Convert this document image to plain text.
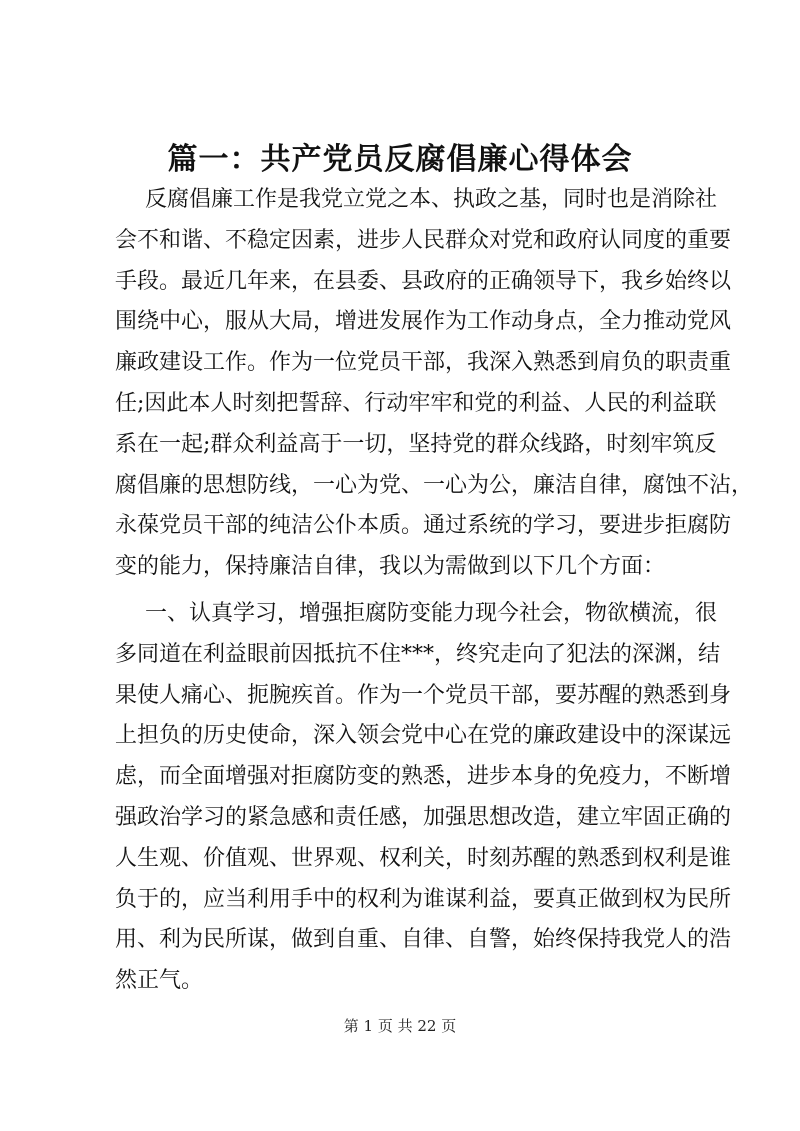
篇一：共产党员反腐倡廉心得体会
反腐倡廉工作是我党立党之本、执政之基，同时也是消除社
会不和谐、不稳定因素，进步人民群众对党和政府认同度的重要
手段。最近几年来，在县委、县政府的正确领导下，我乡始终以
围绕中心，服从大局，增进发展作为工作动身点，全力推动党风
廉政建设工作。作为一位党员干部，我深入熟悉到肩负的职责重
任;因此本人时刻把誓辞、行动牢牢和党的利益、人民的利益联
系在一起;群众利益高于一切，坚持党的群众线路，时刻牢筑反
腐倡廉的思想防线，一心为党、一心为公，廉洁自律，腐蚀不沾，
永葆党员干部的纯洁公仆本质。通过系统的学习，要进步拒腐防
变的能力，保持廉洁自律，我以为需做到以下几个方面：
一、认真学习，增强拒腐防变能力现今社会，物欲横流，很
多同道在利益眼前因抵抗不住***，终究走向了犯法的深渊，结
果使人痛心、扼腕疾首。作为一个党员干部，要苏醒的熟悉到身
上担负的历史使命，深入领会党中心在党的廉政建设中的深谋远
虑，而全面增强对拒腐防变的熟悉，进步本身的免疫力，不断增
强政治学习的紧急感和责任感，加强思想改造，建立牢固正确的
人生观、价值观、世界观、权利关，时刻苏醒的熟悉到权利是谁
负于的，应当利用手中的权利为谁谋利益，要真正做到权为民所
用、利为民所谋，做到自重、自律、自警，始终保持我党人的浩
然正气。
第 1 页 共 22 页
